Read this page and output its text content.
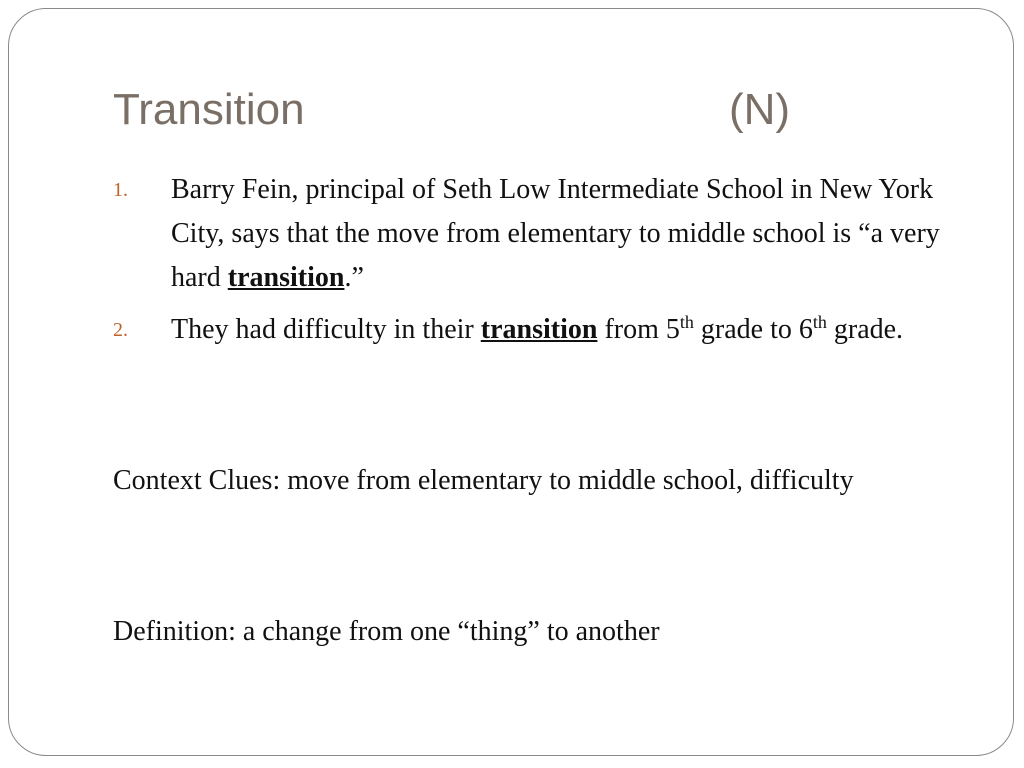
Transition	(N)
1. Barry Fein, principal of Seth Low Intermediate School in New York City, says that the move from elementary to middle school is “a very hard transition.”
2. They had difficulty in their transition from 5th grade to 6th grade.

Context Clues: move from elementary to middle school, difficulty

Definition: a change from one “thing” to another
